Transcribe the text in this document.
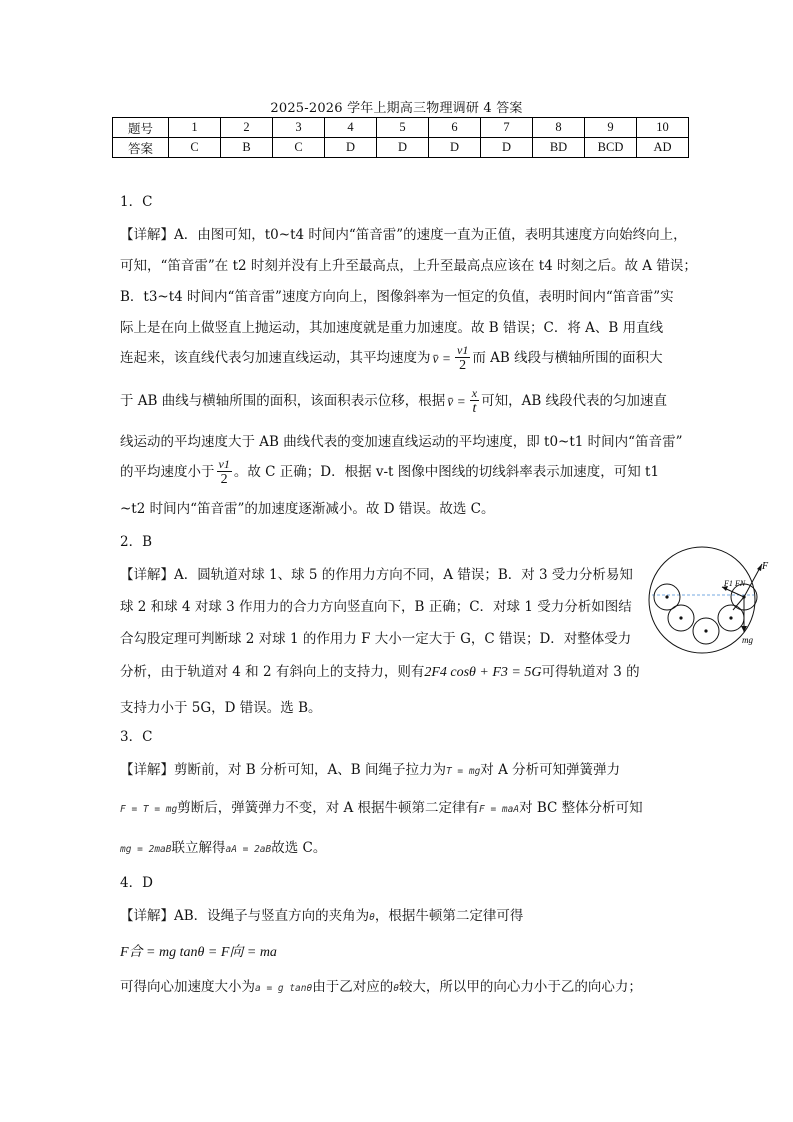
2025-2026 学年上期高三物理调研 4 答案
题号	1	2	3	4	5	6	7	8	9	10
答案	C	B	C	D	D	D	D	BD	BCD	AD
1．C
【详解】A．由图可知，t0~t4 时间内“笛音雷”的速度一直为正值，表明其速度方向始终向上，
可知，“笛音雷”在 t2 时刻并没有上升至最高点，上升至最高点应该在 t4 时刻之后。故 A 错误；
B．t3~t4 时间内“笛音雷”速度方向向上，图像斜率为一恒定的负值，表明时间内“笛音雷”实
际上是在向上做竖直上抛运动，其加速度就是重力加速度。故 B 错误；C．将 A、B 用直线
连起来，该直线代表匀加速直线运动，其平均速度为 v̄ = $\frac{v1}{2}$ 而 AB 线段与横轴所围的面积大
于 AB 曲线与横轴所围的面积，该面积表示位移，根据 v̄ = $\frac{x}{t}$ 可知，AB 线段代表的匀加速直
线运动的平均速度大于 AB 曲线代表的变加速直线运动的平均速度，即 t0~t1 时间内“笛音雷”
的平均速度小于 $\frac{v1}{2}$ 。故 C 正确；D．根据 v-t 图像中图线的切线斜率表示加速度，可知 t1
~t2 时间内“笛音雷”的加速度逐渐减小。故 D 错误。故选 C。
2．B
【详解】A．圆轨道对球 1、球 5 的作用力方向不同，A 错误；B．对 3 受力分析易知
球 2 和球 4 对球 3 作用力的合力方向竖直向下，B 正确；C．对球 1 受力分析如图结
合勾股定理可判断球 2 对球 1 的作用力 F 大小一定大于 G，C 错误；D．对整体受力
分析，由于轨道对 4 和 2 有斜向上的支持力，则有2F4 cosθ + F3 = 5G可得轨道对 3 的
支持力小于 5G，D 错误。选 B。
F
F1 FN
mg
3．C
【详解】剪断前，对 B 分析可知，A、B 间绳子拉力为T = mg对 A 分析可知弹簧弹力
F = T = mg剪断后，弹簧弹力不变，对 A 根据牛顿第二定律有F = maA对 BC 整体分析可知
mg = 2maB联立解得aA = 2aB故选 C。
4．D
【详解】AB．设绳子与竖直方向的夹角为θ，根据牛顿第二定律可得
F合 = mg tanθ = F向 = ma
可得向心加速度大小为a = g tanθ由于乙对应的θ较大，所以甲的向心力小于乙的向心力；
